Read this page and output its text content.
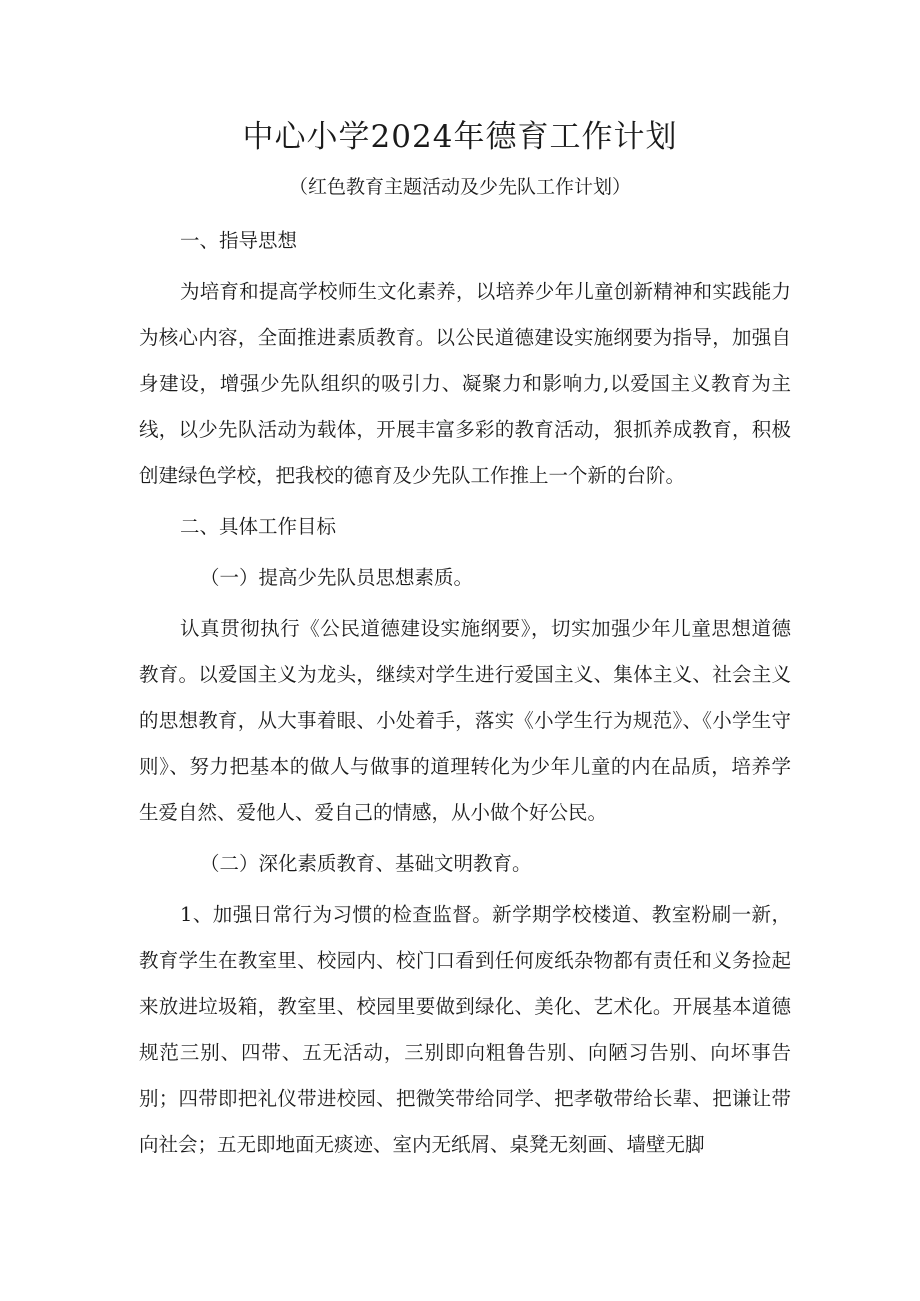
中心小学2024年德育工作计划
（红色教育主题活动及少先队工作计划）

一、指导思想

为培育和提高学校师生文化素养，以培养少年儿童创新精神和实践能力为核心内容，全面推进素质教育。以公民道德建设实施纲要为指导，加强自身建设，增强少先队组织的吸引力、凝聚力和影响力,以爱国主义教育为主线，以少先队活动为载体，开展丰富多彩的教育活动，狠抓养成教育，积极创建绿色学校，把我校的德育及少先队工作推上一个新的台阶。

二、具体工作目标

（一）提高少先队员思想素质。

认真贯彻执行《公民道德建设实施纲要》，切实加强少年儿童思想道德教育。以爱国主义为龙头，继续对学生进行爱国主义、集体主义、社会主义的思想教育，从大事着眼、小处着手，落实《小学生行为规范》、《小学生守则》、努力把基本的做人与做事的道理转化为少年儿童的内在品质，培养学生爱自然、爱他人、爱自己的情感，从小做个好公民。

（二）深化素质教育、基础文明教育。

1、加强日常行为习惯的检查监督。新学期学校楼道、教室粉刷一新，教育学生在教室里、校园内、校门口看到任何废纸杂物都有责任和义务捡起来放进垃圾箱，教室里、校园里要做到绿化、美化、艺术化。开展基本道德规范三别、四带、五无活动，三别即向粗鲁告别、向陋习告别、向坏事告别；四带即把礼仪带进校园、把微笑带给同学、把孝敬带给长辈、把谦让带向社会；五无即地面无痰迹、室内无纸屑、桌凳无刻画、墙壁无脚
